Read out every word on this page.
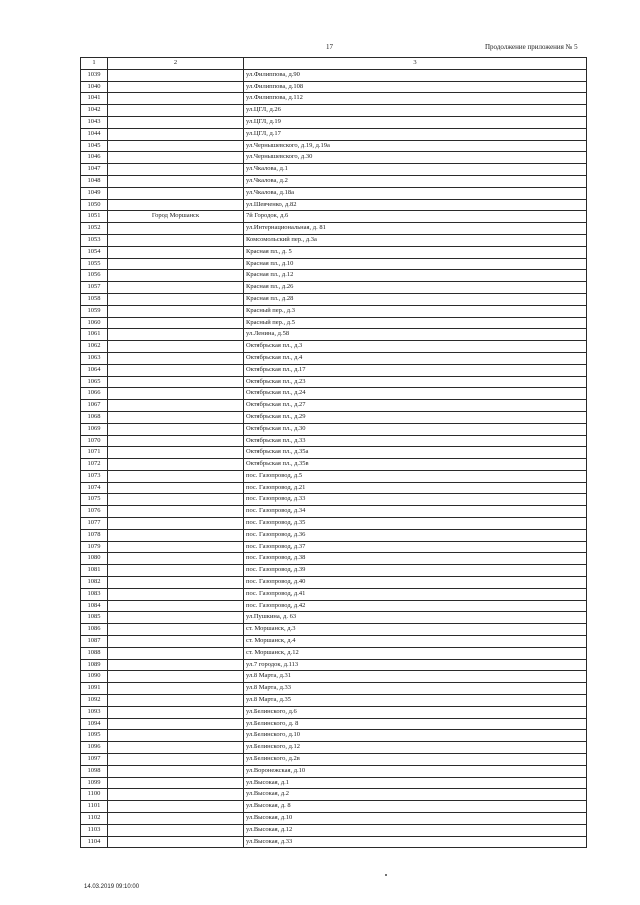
17	Продолжение приложения № 5
1	2	3
1039		ул.Филиппова, д.90
1040		ул.Филиппова, д.108
1041		ул.Филиппова, д.112
1042		ул.ЦГЛ, д.26
1043		ул.ЦГЛ, д.19
1044		ул.ЦГЛ, д.17
1045		ул.Чернышевского, д.19, д.19а
1046		ул.Чернышевского, д.30
1047		ул.Чкалова, д.1
1048		ул.Чкалова, д.2
1049		ул.Чкалова, д.18а
1050		ул.Шевченко, д.82
1051	Город Моршанск	7й Городок, д.6
1052		ул.Интернациональная, д. 81
1053		Комсомольский пер., д.3а
1054		Красная пл., д. 5
1055		Красная пл., д.10
1056		Красная пл., д.12
1057		Красная пл., д.26
1058		Красная пл., д.28
1059		Красный пер., д.3
1060		Красный пер., д.5
1061		ул.Ленина, д.58
1062		Октябрьская пл., д.3
1063		Октябрьская пл., д.4
1064		Октябрьская пл., д.17
1065		Октябрьская пл., д.23
1066		Октябрьская пл., д.24
1067		Октябрьская пл., д.27
1068		Октябрьская пл., д.29
1069		Октябрьская пл., д.30
1070		Октябрьская пл., д.33
1071		Октябрьская пл., д.35а
1072		Октябрьская пл., д.35в
1073		пос. Газопровод, д.5
1074		пос. Газопровод, д.21
1075		пос. Газопровод, д.33
1076		пос. Газопровод, д.34
1077		пос. Газопровод, д.35
1078		пос. Газопровод, д.36
1079		пос. Газопровод, д.37
1080		пос. Газопровод, д.38
1081		пос. Газопровод, д.39
1082		пос. Газопровод, д.40
1083		пос. Газопровод, д.41
1084		пос. Газопровод, д.42
1085		ул.Пушкина, д. 63
1086		ст. Моршанск, д.3
1087		ст. Моршанск, д.4
1088		ст. Моршанск, д.12
1089		ул.7 городок, д.113
1090		ул.8 Марта, д.31
1091		ул.8 Марта, д.33
1092		ул.8 Марта, д.35
1093		ул.Белинского, д.6
1094		ул.Белинского, д. 8
1095		ул.Белинского, д.10
1096		ул.Белинского, д.12
1097		ул.Белинского, д.2в
1098		ул.Воронежская, д.10
1099		ул.Высокая, д.1
1100		ул.Высокая, д.2
1101		ул.Высокая, д. 8
1102		ул.Высокая, д.10
1103		ул.Высокая, д.12
1104		ул.Высокая, д.33
14.03.2019 09:10:00
